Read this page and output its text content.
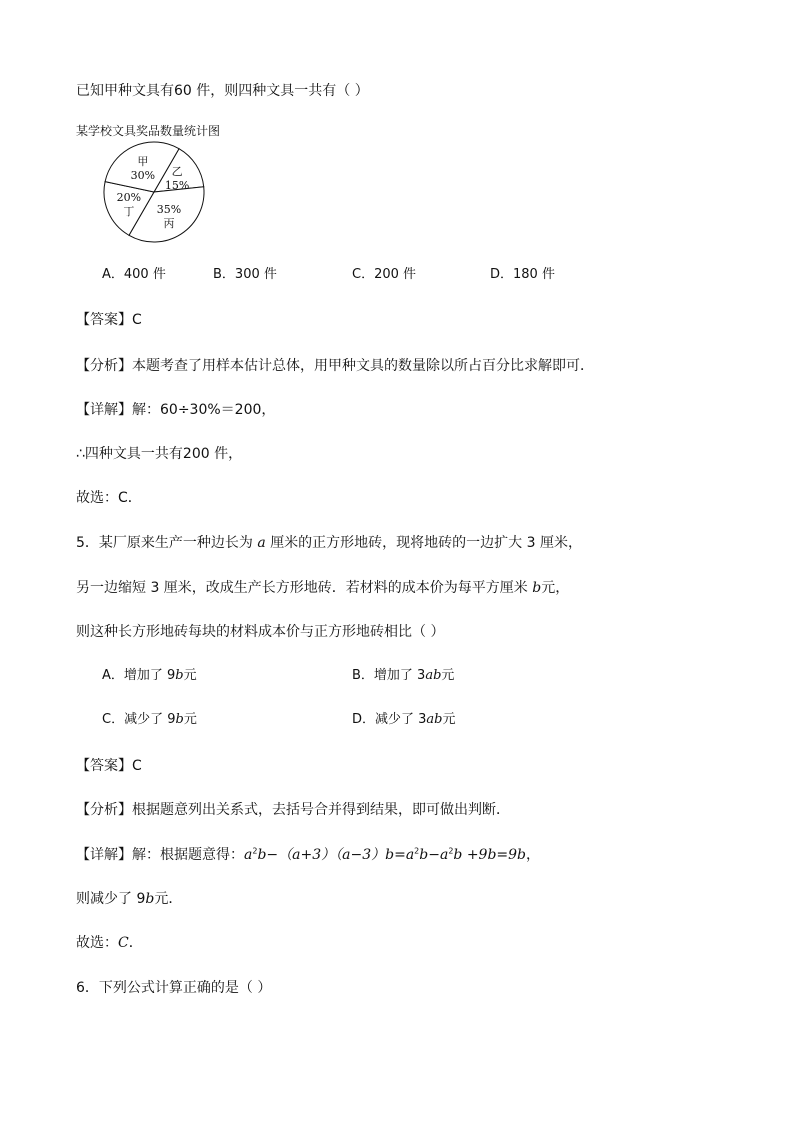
已知甲种文具有60 件，则四种文具一共有（ ）
某学校文具奖品数量统计图
乙
15%
35%
丙
20%
丁
甲
30%
A．400 件	B．300 件	C．200 件	D．180 件
【答案】C
【分析】本题考查了用样本估计总体，用甲种文具的数量除以所占百分比求解即可．
【详解】解：60÷30%＝200，
∴四种文具一共有200 件，
故选：C．
5．某厂原来生产一种边长为 a 厘米的正方形地砖，现将地砖的一边扩大 3 厘米，
另一边缩短 3 厘米，改成生产长方形地砖．若材料的成本价为每平方厘米 b元，
则这种长方形地砖每块的材料成本价与正方形地砖相比（ ）
A．增加了 9b元	B．增加了 3ab元
C．减少了 9b元	D．减少了 3ab元
【答案】C
【分析】根据题意列出关系式，去括号合并得到结果，即可做出判断．
【详解】解：根据题意得：$a^2b-(a+3)(a-3)b=a^2b-a^2b +9b=9b$，
则减少了 9b元．
故选：C．
6．下列公式计算正确的是（ ）
